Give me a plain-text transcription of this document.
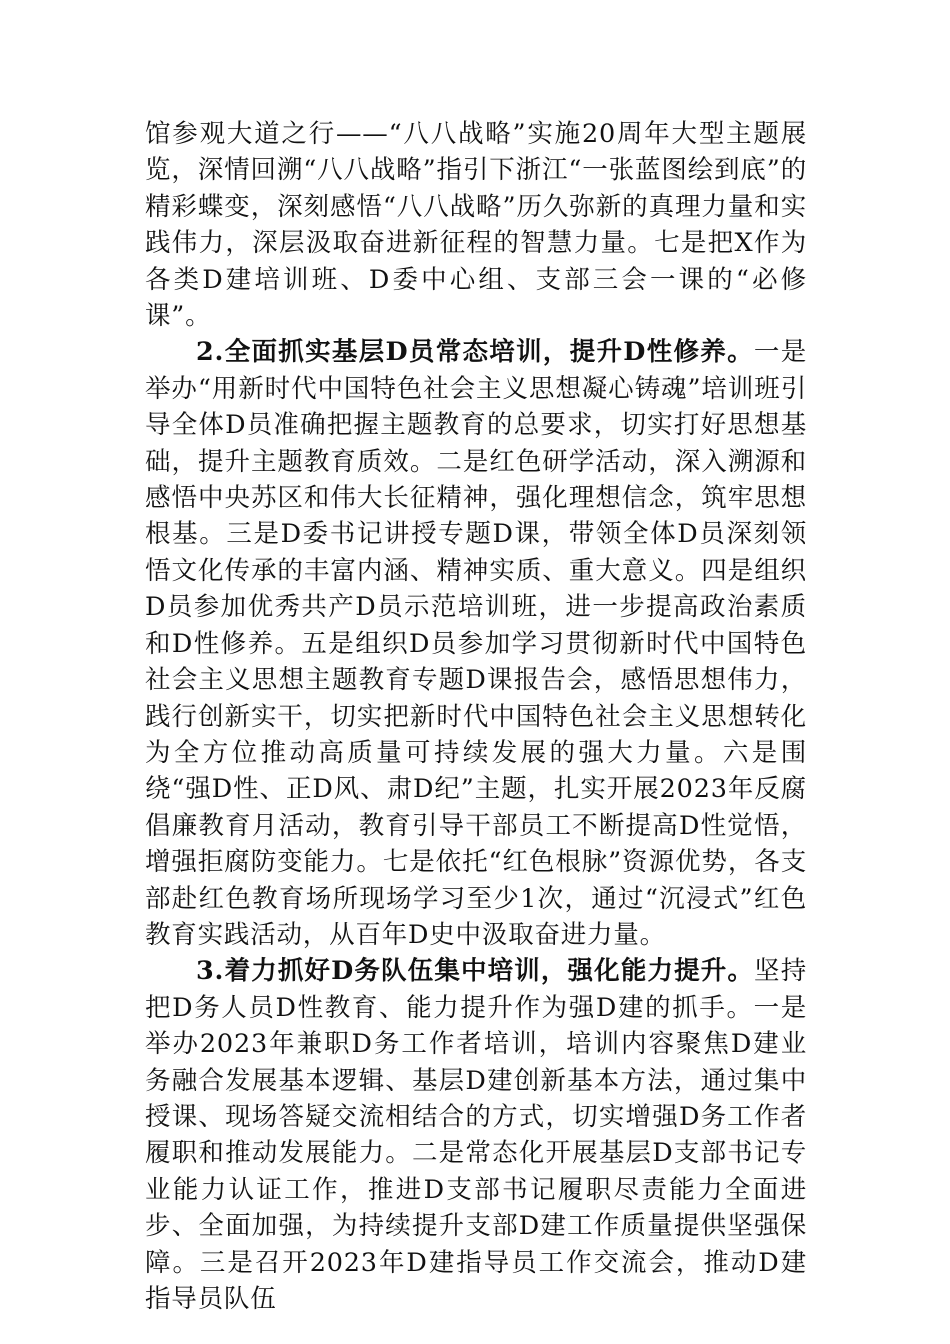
馆参观大道之行——“八八战略”实施20周年大型主题展览，深情回溯“八八战略”指引下浙江“一张蓝图绘到底”的精彩蝶变，深刻感悟“八八战略”历久弥新的真理力量和实践伟力，深层汲取奋进新征程的智慧力量。七是把X作为各类D建培训班、D委中心组、支部三会一课的“必修课”。

2.全面抓实基层D员常态培训，提升D性修养。一是举办“用新时代中国特色社会主义思想凝心铸魂”培训班引导全体D员准确把握主题教育的总要求，切实打好思想基础，提升主题教育质效。二是红色研学活动，深入溯源和感悟中央苏区和伟大长征精神，强化理想信念，筑牢思想根基。三是D委书记讲授专题D课，带领全体D员深刻领悟文化传承的丰富内涵、精神实质、重大意义。四是组织D员参加优秀共产D员示范培训班，进一步提高政治素质和D性修养。五是组织D员参加学习贯彻新时代中国特色社会主义思想主题教育专题D课报告会，感悟思想伟力，践行创新实干，切实把新时代中国特色社会主义思想转化为全方位推动高质量可持续发展的强大力量。六是围绕“强D性、正D风、肃D纪”主题，扎实开展2023年反腐倡廉教育月活动，教育引导干部员工不断提高D性觉悟，增强拒腐防变能力。七是依托“红色根脉”资源优势，各支部赴红色教育场所现场学习至少1次，通过“沉浸式”红色教育实践活动，从百年D史中汲取奋进力量。

3.着力抓好D务队伍集中培训，强化能力提升。坚持把D务人员D性教育、能力提升作为强D建的抓手。一是举办2023年兼职D务工作者培训，培训内容聚焦D建业务融合发展基本逻辑、基层D建创新基本方法，通过集中授课、现场答疑交流相结合的方式，切实增强D务工作者履职和推动发展能力。二是常态化开展基层D支部书记专业能力认证工作，推进D支部书记履职尽责能力全面进步、全面加强，为持续提升支部D建工作质量提供坚强保障。三是召开2023年D建指导员工作交流会，推动D建指导员队伍
